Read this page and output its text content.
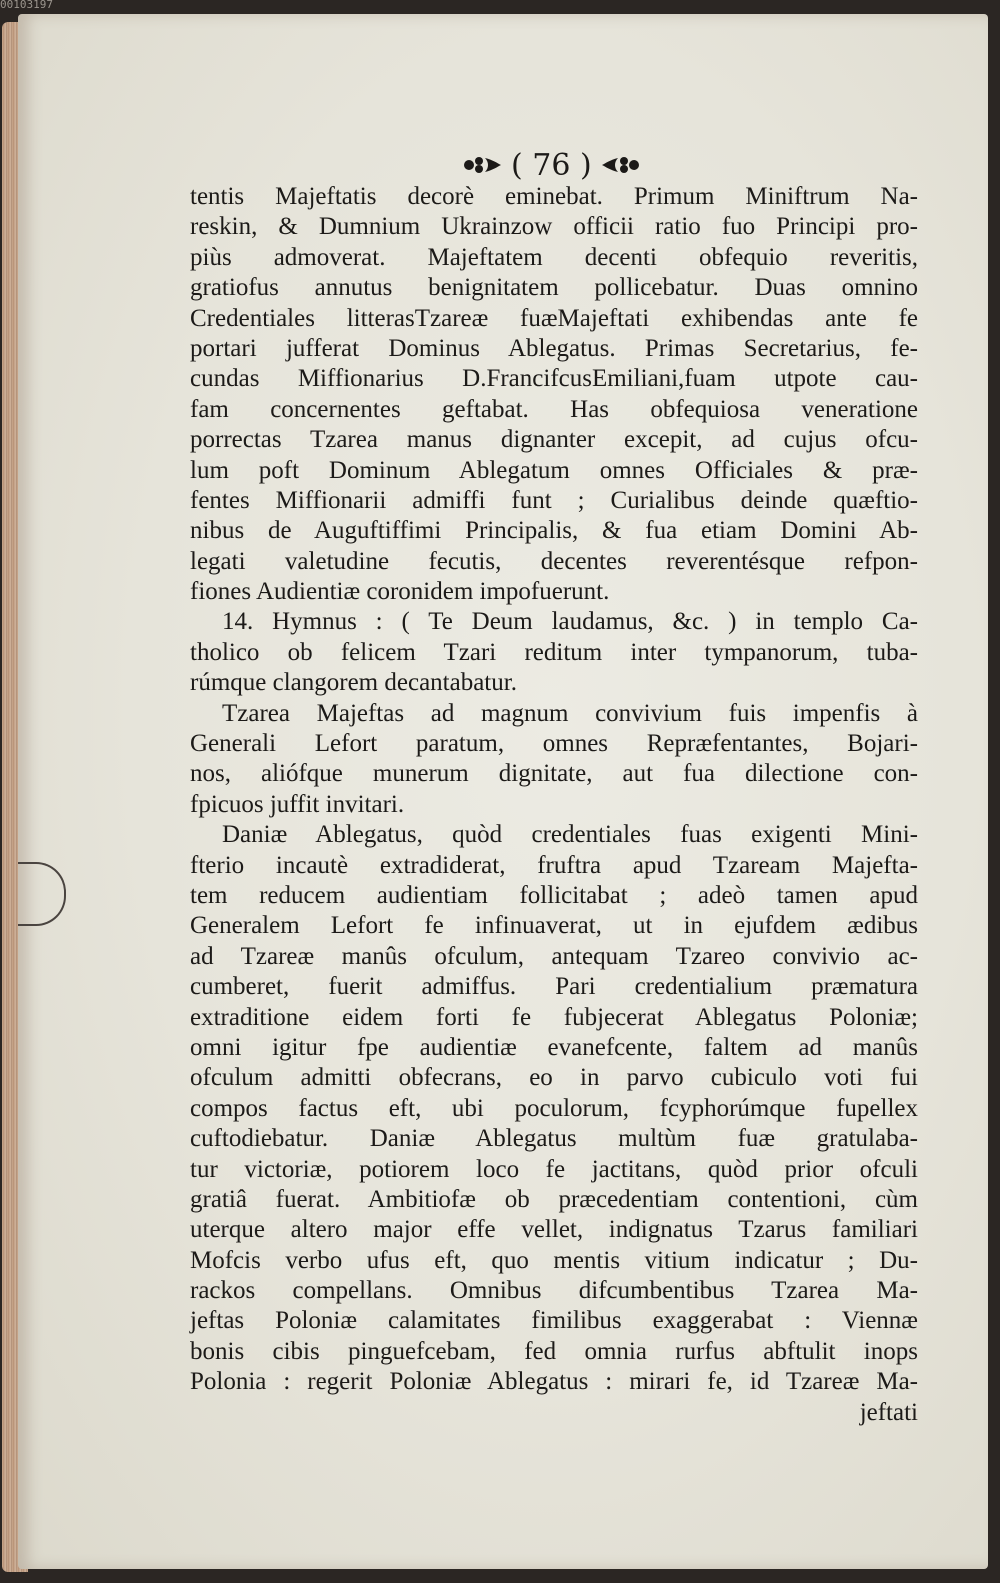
00103197
( 76 )
tentis Majeftatis decorè eminebat. Primum Miniftrum Na-
reskin, & Dumnium Ukrainzow officii ratio fuo Principi pro-
piùs admoverat. Majeftatem decenti obfequio reveritis,
gratiofus annutus benignitatem pollicebatur. Duas omnino
Credentiales litterasTzareæ fuæMajeftati exhibendas ante fe
portari jufferat Dominus Ablegatus. Primas Secretarius, fe-
cundas Miffionarius D.FrancifcusEmiliani,fuam utpote cau-
fam concernentes geftabat. Has obfequiosa veneratione
porrectas Tzarea manus dignanter excepit, ad cujus ofcu-
lum poft Dominum Ablegatum omnes Officiales & præ-
fentes Miffionarii admiffi funt ; Curialibus deinde quæftio-
nibus de Auguftiffimi Principalis, & fua etiam Domini Ab-
legati valetudine fecutis, decentes reverentésque refpon-
fiones Audientiæ coronidem impofuerunt.
14. Hymnus : ( Te Deum laudamus, &c. ) in templo Ca-
tholico ob felicem Tzari reditum inter tympanorum, tuba-
rúmque clangorem decantabatur.
Tzarea Majeftas ad magnum convivium fuis impenfis à
Generali Lefort paratum, omnes Repræfentantes, Bojari-
nos, aliófque munerum dignitate, aut fua dilectione con-
fpicuos juffit invitari.
Daniæ Ablegatus, quòd credentiales fuas exigenti Mini-
fterio incautè extradiderat, fruftra apud Tzaream Majefta-
tem reducem audientiam follicitabat ; adeò tamen apud
Generalem Lefort fe infinuaverat, ut in ejufdem ædibus
ad Tzareæ manûs ofculum, antequam Tzareo convivio ac-
cumberet, fuerit admiffus. Pari credentialium præmatura
extraditione eidem forti fe fubjecerat Ablegatus Poloniæ;
omni igitur fpe audientiæ evanefcente, faltem ad manûs
ofculum admitti obfecrans, eo in parvo cubiculo voti fui
compos factus eft, ubi poculorum, fcyphorúmque fupellex
cuftodiebatur. Daniæ Ablegatus multùm fuæ gratulaba-
tur victoriæ, potiorem loco fe jactitans, quòd prior ofculi
gratiâ fuerat. Ambitiofæ ob præcedentiam contentioni, cùm
uterque altero major effe vellet, indignatus Tzarus familiari
Mofcis verbo ufus eft, quo mentis vitium indicatur ; Du-
rackos compellans. Omnibus difcumbentibus Tzarea Ma-
jeftas Poloniæ calamitates fimilibus exaggerabat : Viennæ
bonis cibis pinguefcebam, fed omnia rurfus abftulit inops
Polonia : regerit Poloniæ Ablegatus : mirari fe, id Tzareæ Ma-
jeftati
